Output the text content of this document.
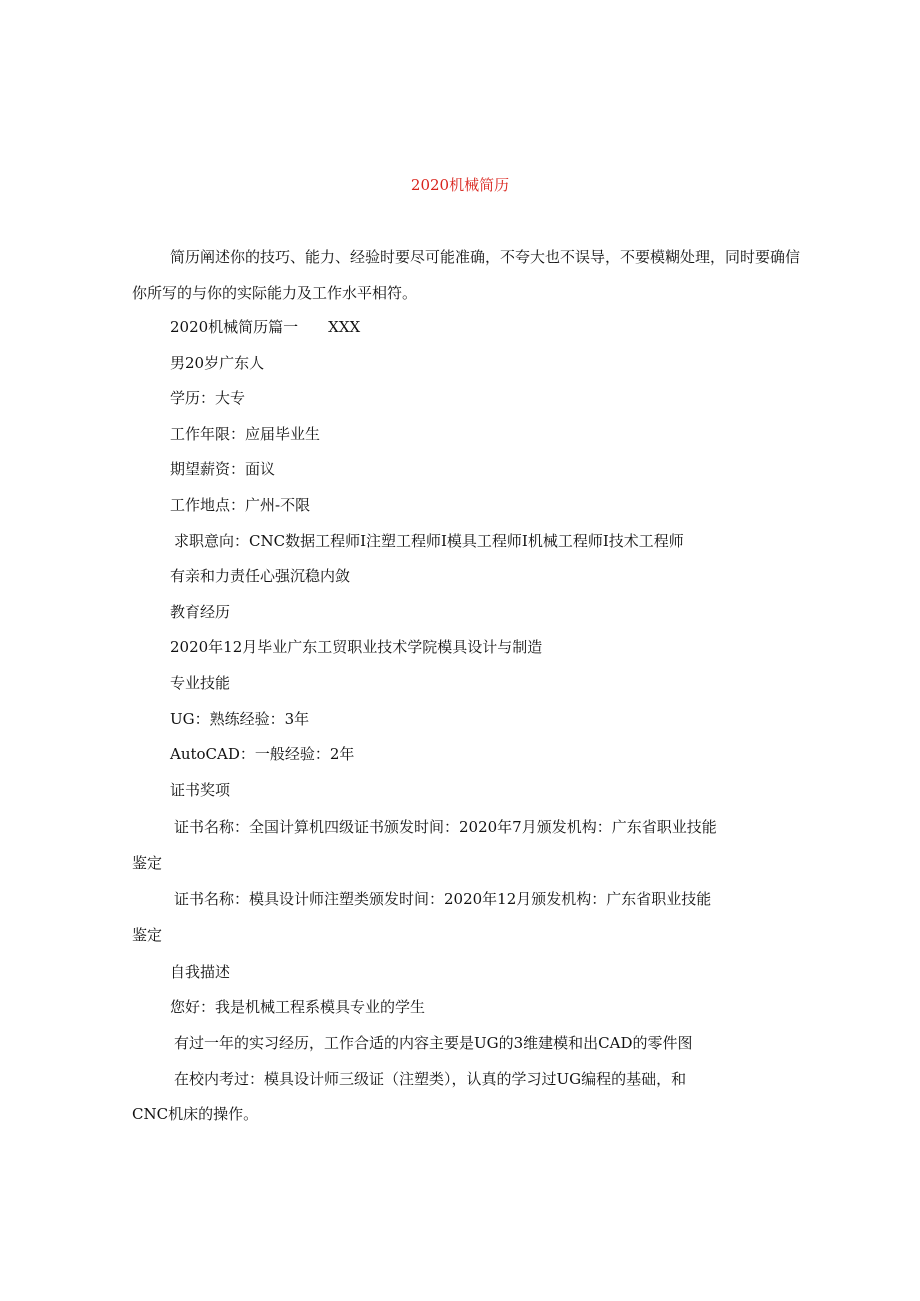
2020机械简历
简历阐述你的技巧、能力、经验时要尽可能准确，不夸大也不误导，不要模糊处理，同时要确信你所写的与你的实际能力及工作水平相符。
2020机械简历篇一　　XXX
男20岁广东人
学历：大专
工作年限：应届毕业生
期望薪资：面议
工作地点：广州-不限
求职意向：CNC数据工程师I注塑工程师I模具工程师I机械工程师I技术工程师
有亲和力责任心强沉稳内敛
教育经历
2020年12月毕业广东工贸职业技术学院模具设计与制造
专业技能
UG：熟练经验：3年
AutoCAD：一般经验：2年
证书奖项
证书名称：全国计算机四级证书颁发时间：2020年7月颁发机构：广东省职业技能
鉴定
证书名称：模具设计师注塑类颁发时间：2020年12月颁发机构：广东省职业技能
鉴定
自我描述
您好：我是机械工程系模具专业的学生
有过一年的实习经历，工作合适的内容主要是UG的3维建模和出CAD的零件图
在校内考过：模具设计师三级证（注塑类），认真的学习过UG编程的基础，和
CNC机床的操作。
